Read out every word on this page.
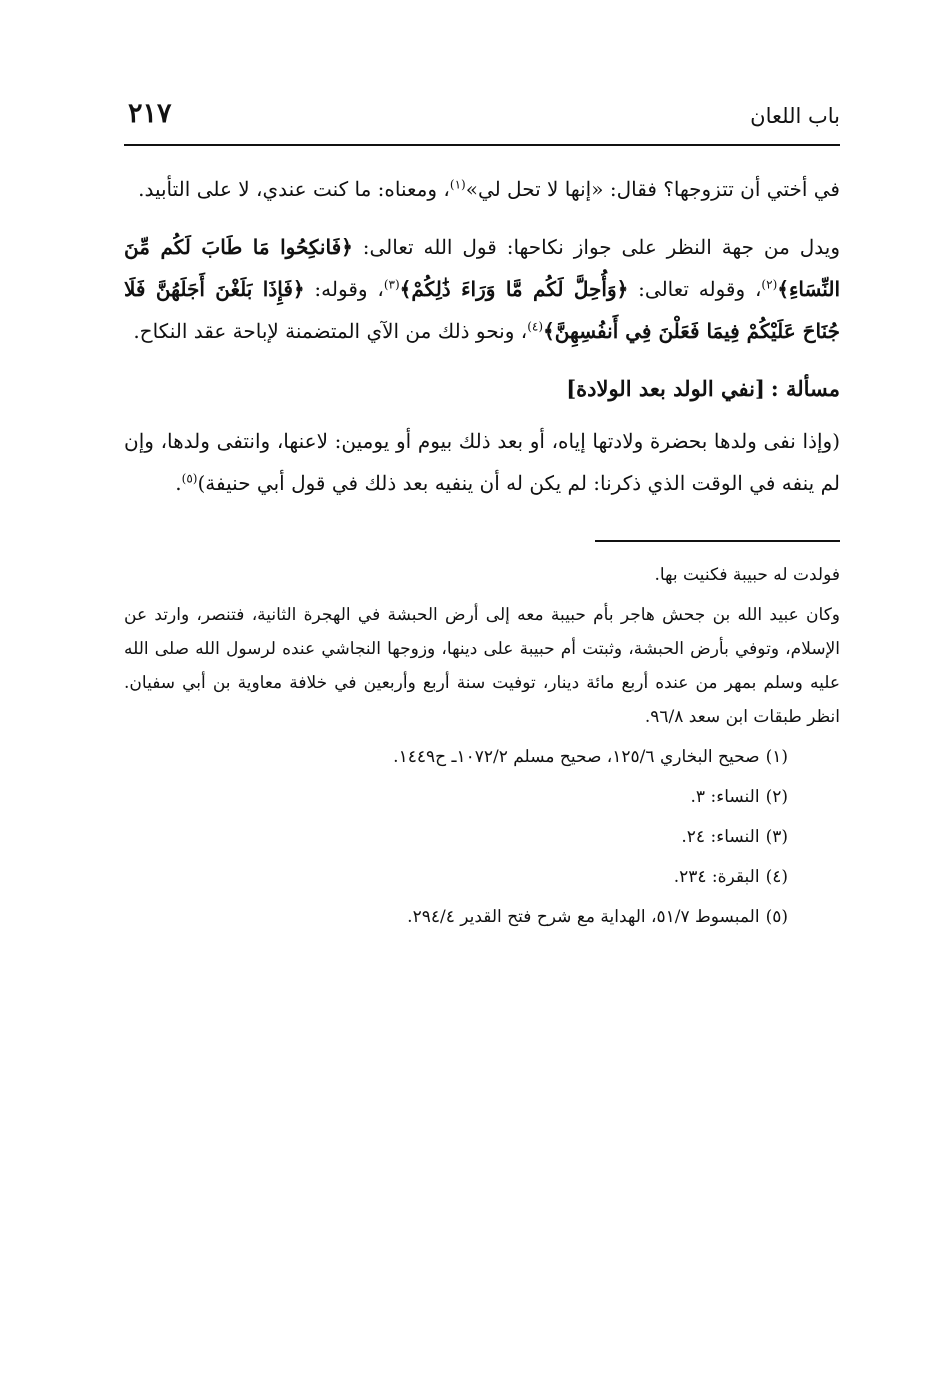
باب اللعان
٢١٧

في أختي أن تتزوجها؟ فقال: «إنها لا تحل لي»$^{(١)}$، ومعناه: ما كنت عندي، لا على التأبيد.

ويدل من جهة النظر على جواز نكاحها: قول الله تعالى: ﴿فَانكِحُوا مَا طَابَ لَكُم مِّنَ النِّسَاءِ﴾$^{(٢)}$، وقوله تعالى: ﴿وَأُحِلَّ لَكُم مَّا وَرَاءَ ذَٰلِكُمْ﴾$^{(٣)}$، وقوله: ﴿فَإِذَا بَلَغْنَ أَجَلَهُنَّ فَلَا جُنَاحَ عَلَيْكُمْ فِيمَا فَعَلْنَ فِي أَنفُسِهِنَّ﴾$^{(٤)}$، ونحو ذلك من الآي المتضمنة لإباحة عقد النكاح.

مسألة :[نفي الولد بعد الولادة]

(وإذا نفى ولدها بحضرة ولادتها إياه، أو بعد ذلك بيوم أو يومين: لاعنها، وانتفى ولدها، وإن لم ينفه في الوقت الذي ذكرنا: لم يكن له أن ينفيه بعد ذلك في قول أبي حنيفة)$^{(٥)}$.

فولدت له حبيبة فكنيت بها.

وكان عبيد الله بن جحش هاجر بأم حبيبة معه إلى أرض الحبشة في الهجرة الثانية، فتنصر، وارتد عن الإسلام، وتوفي بأرض الحبشة، وثبتت أم حبيبة على دينها، وزوجها النجاشي عنده لرسول الله صلى الله عليه وسلم بمهر من عنده أربع مائة دينار، توفيت سنة أربع وأربعين في خلافة معاوية بن أبي سفيان. انظر طبقات ابن سعد ٩٦/٨.

(١)صحيح البخاري ١٢٥/٦، صحيح مسلم ١٠٧٢/٢ـ ح١٤٤٩.
(٢)النساء: ٣.
(٣)النساء: ٢٤.
(٤)البقرة: ٢٣٤.
(٥)المبسوط ٥١/٧، الهداية مع شرح فتح القدير ٢٩٤/٤.
